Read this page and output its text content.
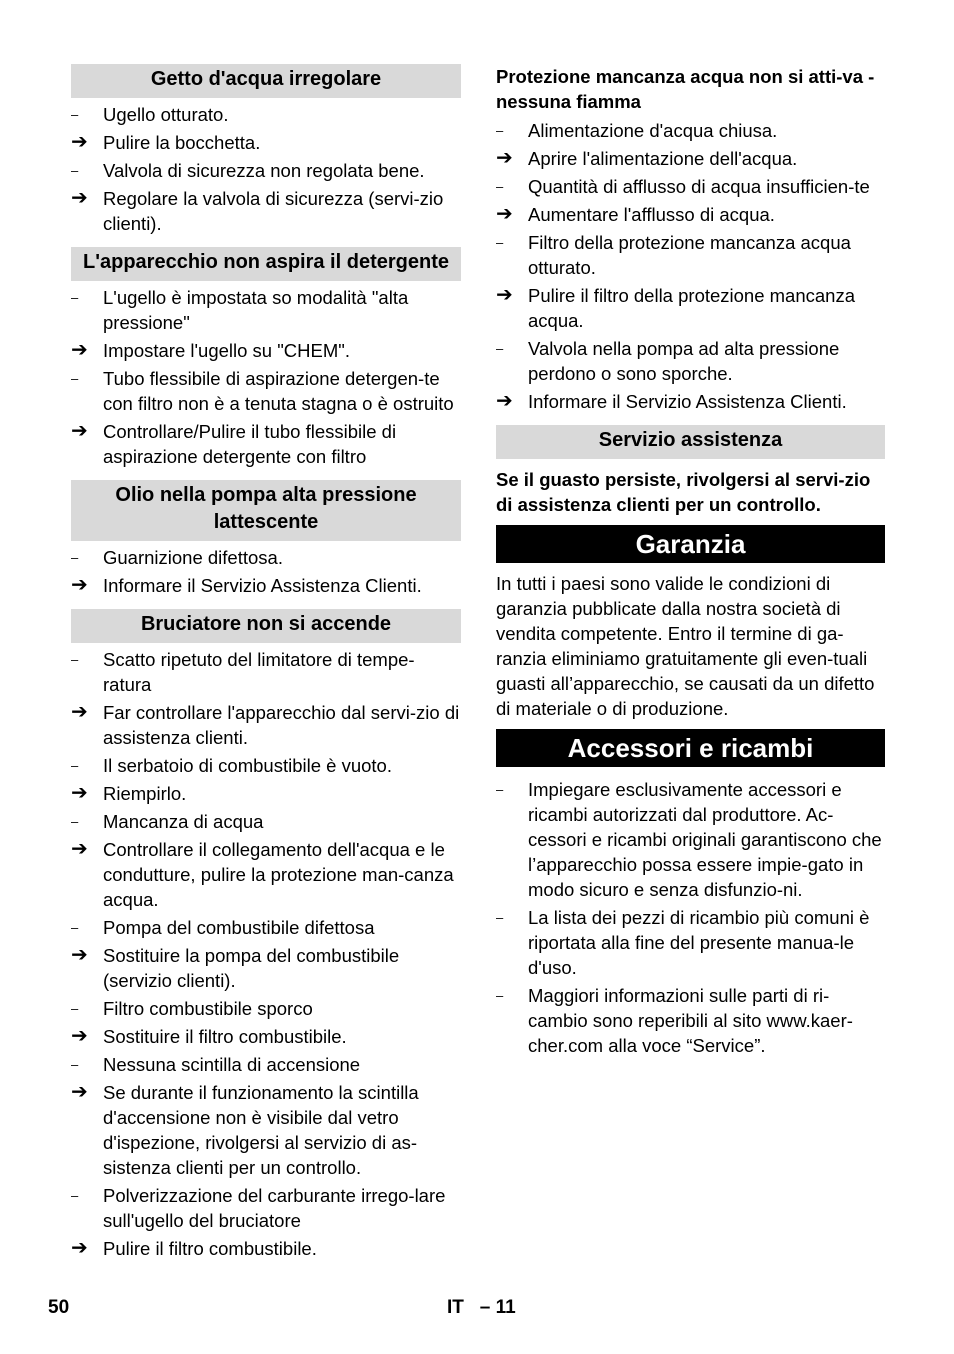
Getto d'acqua irregolare
–	Ugello otturato.
➔ Pulire la bocchetta.
–	Valvola di sicurezza non regolata bene.
➔ Regolare la valvola di sicurezza (servi-zio clienti).
L'apparecchio non aspira il detergente
–	L'ugello è impostata so modalità "alta pressione"
➔ Impostare l'ugello su "CHEM".
–	Tubo flessibile di aspirazione detergen-te con filtro non è a tenuta stagna o è ostruito
➔ Controllare/Pulire il tubo flessibile di aspirazione detergente con filtro
Olio nella pompa alta pressione lattescente
–	Guarnizione difettosa.
➔ Informare il Servizio Assistenza Clienti.
Bruciatore non si accende
–	Scatto ripetuto del limitatore di tempe-ratura
➔ Far controllare l'apparecchio dal servi-zio di assistenza clienti.
–	Il serbatoio di combustibile è vuoto.
➔ Riempirlo.
–	Mancanza di acqua
➔ Controllare il collegamento dell'acqua e le condutture, pulire la protezione man-canza acqua.
–	Pompa del combustibile difettosa
➔ Sostituire la pompa del combustibile (servizio clienti).
–	Filtro combustibile sporco
➔ Sostituire il filtro combustibile.
–	Nessuna scintilla di accensione
➔ Se durante il funzionamento la scintilla d'accensione non è visibile dal vetro d'ispezione, rivolgersi al servizio di as-sistenza clienti per un controllo.
–	Polverizzazione del carburante irrego-lare sull'ugello del bruciatore
➔ Pulire il filtro combustibile.

Protezione mancanza acqua non si atti-va - nessuna fiamma

–	Alimentazione d'acqua chiusa.
➔ Aprire l'alimentazione dell'acqua.
–	Quantità di afflusso di acqua insufficien-te
➔ Aumentare l'afflusso di acqua.
–	Filtro della protezione mancanza acqua otturato.
➔ Pulire il filtro della protezione mancanza acqua.
–	Valvola nella pompa ad alta pressione perdono o sono sporche.
➔ Informare il Servizio Assistenza Clienti.
Servizio assistenza

Se il guasto persiste, rivolgersi al servi-zio di assistenza clienti per un controllo.

Garanzia

In tutti i paesi sono valide le condizioni di garanzia pubblicate dalla nostra società di vendita competente. Entro il termine di ga-ranzia eliminiamo gratuitamente gli even-tuali guasti all’apparecchio, se causati da un difetto di materiale o di produzione.

Accessori e ricambi
–	Impiegare esclusivamente accessori e ricambi autorizzati dal produttore. Ac-cessori e ricambi originali garantiscono che l’apparecchio possa essere impie-gato in modo sicuro e senza disfunzio-ni.
–	La lista dei pezzi di ricambio più comuni è riportata alla fine del presente manua-le d'uso.
–	Maggiori informazioni sulle parti di ri-cambio sono reperibili al sito www.kaer-cher.com alla voce “Service”.
50	IT   – 11
